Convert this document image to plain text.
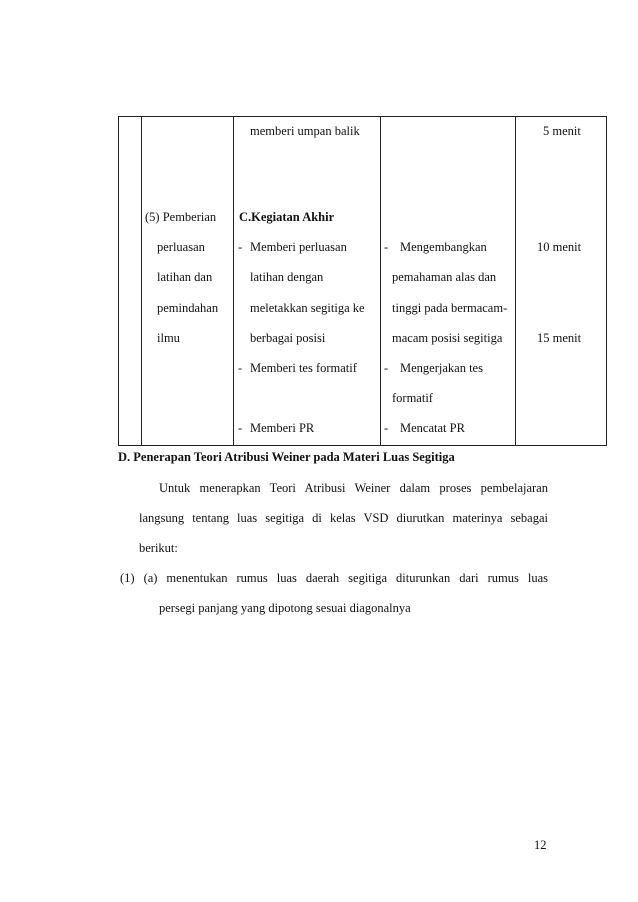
memberi umpan balik	5 menit
(5) Pemberian
perluasan
latihan dan
pemindahan
ilmu
C.Kegiatan Akhir
- Memberi perluasan
latihan dengan
meletakkan segitiga ke
berbagai posisi
- Memberi tes formatif
- Memberi PR
- Mengembangkan
pemahaman alas dan
tinggi pada bermacam-
macam posisi segitiga
- Mengerjakan tes
formatif
- Mencatat PR
10 menit
15 menit
D. Penerapan Teori Atribusi Weiner pada Materi Luas Segitiga
Untuk menerapkan Teori Atribusi Weiner dalam proses pembelajaran
langsung tentang luas segitiga di kelas VSD diurutkan materinya sebagai
berikut:
(1) (a) menentukan rumus luas daerah segitiga diturunkan dari rumus luas
persegi panjang yang dipotong sesuai diagonalnya
12
